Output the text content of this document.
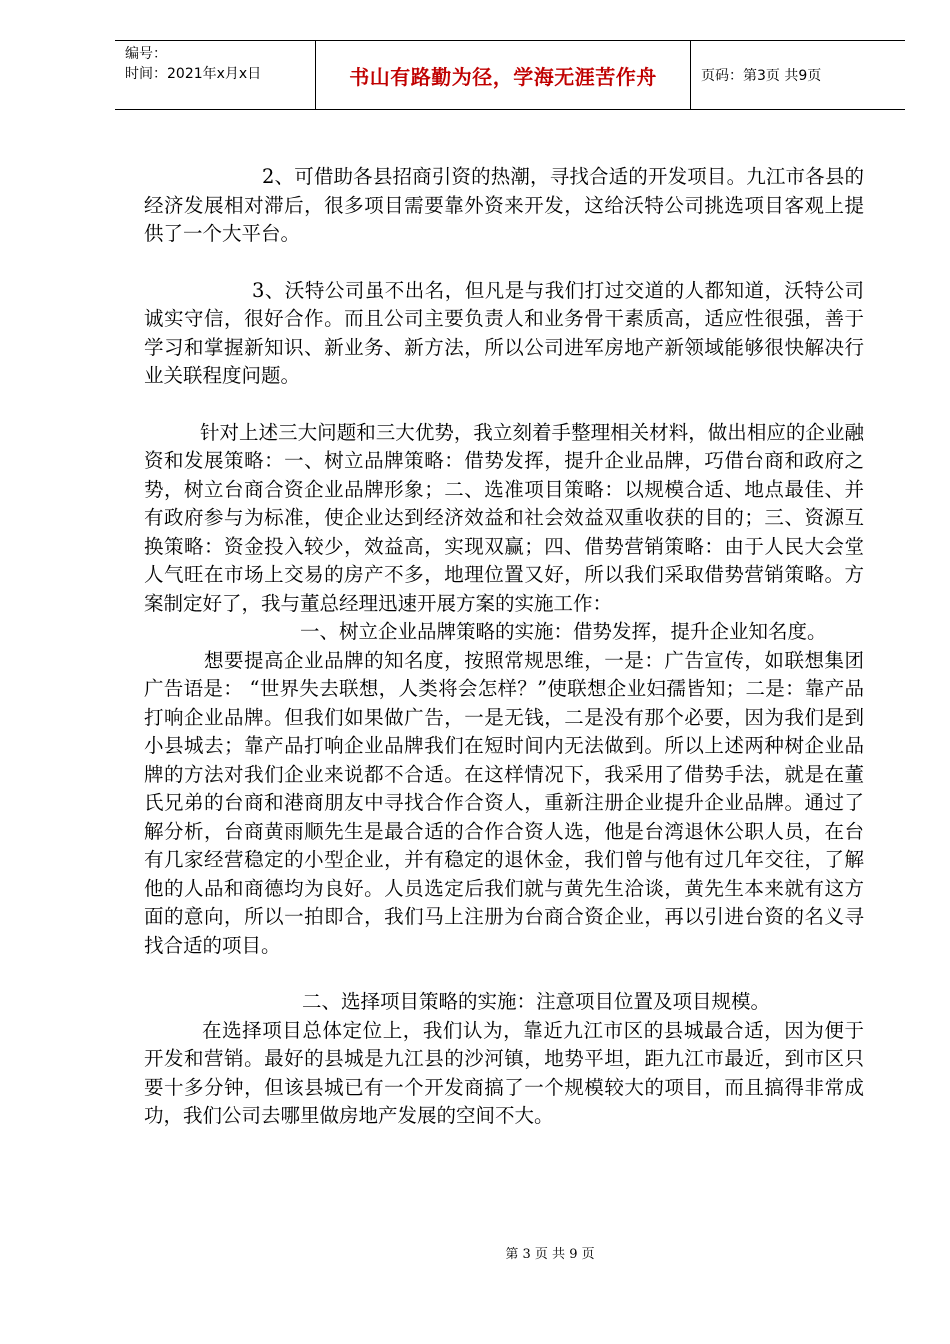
编号：
时间：2021年x月x日	书山有路勤为径，学海无涯苦作舟	页码：第3页 共9页

2、可借助各县招商引资的热潮，寻找合适的开发项目。九江市各县的经济发展相对滞后，很多项目需要靠外资来开发，这给沃特公司挑选项目客观上提供了一个大平台。

3、沃特公司虽不出名，但凡是与我们打过交道的人都知道，沃特公司诚实守信，很好合作。而且公司主要负责人和业务骨干素质高，适应性很强，善于学习和掌握新知识、新业务、新方法，所以公司进军房地产新领域能够很快解决行业关联程度问题。

针对上述三大问题和三大优势，我立刻着手整理相关材料，做出相应的企业融资和发展策略：一、树立品牌策略：借势发挥，提升企业品牌，巧借台商和政府之势，树立台商合资企业品牌形象；二、选准项目策略：以规模合适、地点最佳、并有政府参与为标准，使企业达到经济效益和社会效益双重收获的目的；三、资源互换策略：资金投入较少，效益高，实现双赢；四、借势营销策略：由于人民大会堂人气旺在市场上交易的房产不多，地理位置又好，所以我们采取借势营销策略。方案制定好了，我与董总经理迅速开展方案的实施工作：

一、树立企业品牌策略的实施：借势发挥，提升企业知名度。

想要提高企业品牌的知名度，按照常规思维，一是：广告宣传，如联想集团广告语是： “世界失去联想，人类将会怎样？”使联想企业妇孺皆知；二是：靠产品打响企业品牌。但我们如果做广告，一是无钱，二是没有那个必要，因为我们是到小县城去；靠产品打响企业品牌我们在短时间内无法做到。所以上述两种树企业品牌的方法对我们企业来说都不合适。在这样情况下，我采用了借势手法，就是在董氏兄弟的台商和港商朋友中寻找合作合资人，重新注册企业提升企业品牌。通过了解分析，台商黄雨顺先生是最合适的合作合资人选，他是台湾退休公职人员，在台有几家经营稳定的小型企业，并有稳定的退休金，我们曾与他有过几年交往，了解他的人品和商德均为良好。人员选定后我们就与黄先生洽谈，黄先生本来就有这方面的意向，所以一拍即合，我们马上注册为台商合资企业，再以引进台资的名义寻找合适的项目。

二、选择项目策略的实施：注意项目位置及项目规模。

在选择项目总体定位上，我们认为，靠近九江市区的县城最合适，因为便于开发和营销。最好的县城是九江县的沙河镇，地势平坦，距九江市最近，到市区只要十多分钟，但该县城已有一个开发商搞了一个规模较大的项目，而且搞得非常成功，我们公司去哪里做房地产发展的空间不大。

第 3 页 共 9 页
